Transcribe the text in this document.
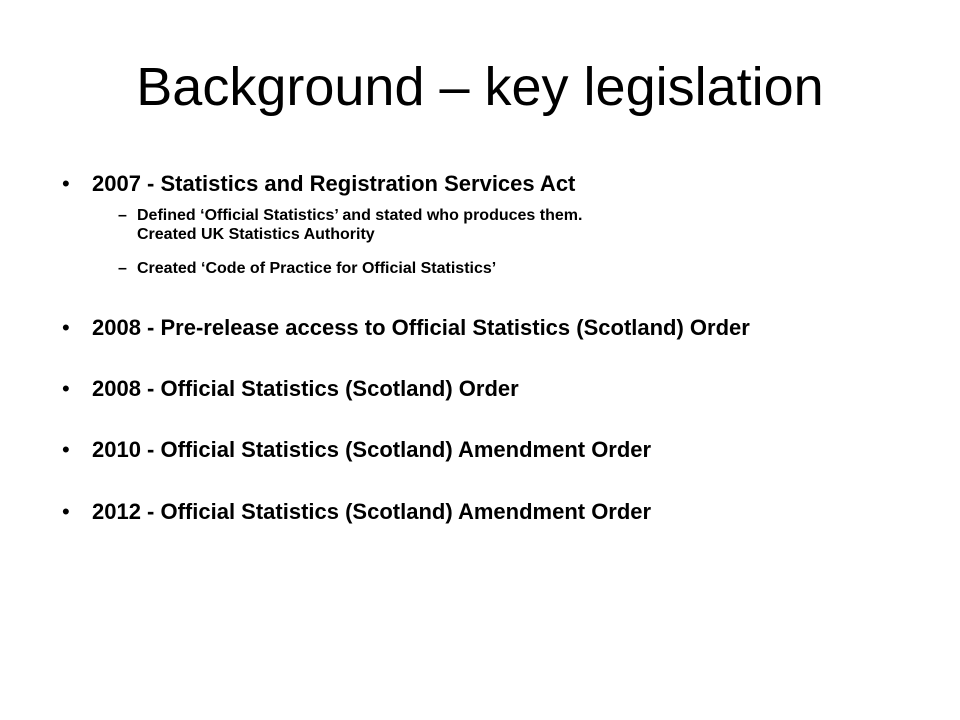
Background – key legislation
• 2007 - Statistics and Registration Services Act
– Defined ‘Official Statistics’ and stated who produces them.
Created UK Statistics Authority
– Created ‘Code of Practice for Official Statistics’
• 2008 - Pre-release access to Official Statistics (Scotland) Order
• 2008 - Official Statistics (Scotland) Order
• 2010 - Official Statistics (Scotland) Amendment Order
• 2012 - Official Statistics (Scotland) Amendment Order
